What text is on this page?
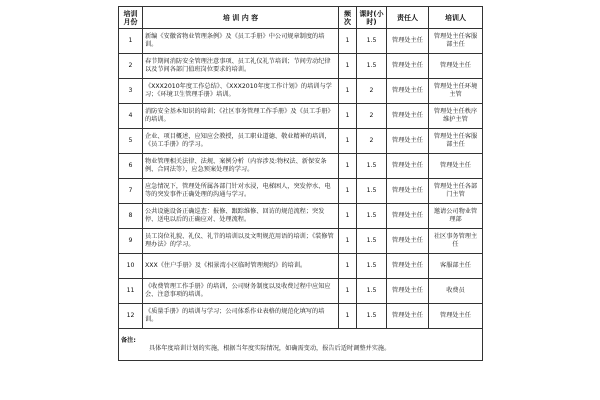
培训月份	培 训 内 容	频次	课时(小时)	责任人	培训人
1	新编《安徽省物业管理条例》及《员工手册》中公司规章制度的培训。	1	1.5	管理处主任	管理处主任客服部主任
2	春节期间消防安全管理注意事项、员工礼仪礼节培训；节间劳动纪律以及节间各部门值班岗位要求的培训。	1	1.5	管理处主任	管理处主任
3	《XXX2010年度工作总结》、《XXX2010年度工作计划》的培训与学习；《环境卫生管理手册》培训。	1	2	管理处主任	管理处主任环境主管
4	消防安全基本知识的培训；《社区事务管理工作手册》及《员工手册》的培训。	1	2	管理处主任	管理处主任秩序维护主管
5	企业、项目概述，应知应会教授，员工职业道德、敬业精神的培训，《员工手册》的学习。	1	2	管理处主任	管理处主任客服部主任
6	物业管理相关法律、法规、案例分析（内容涉及:物权法、新保安条例、合同法等），应急预案处理的学习。	1	1.5	管理处主任	管理处主任
7	应急情况下，管理处所属各部门针对水浸，电梯困人，突发停水、电等的突发事件正确处理的沟通与学习。	1	1.5	管理处主任	管理处主任各部门主管
8	公共设施设备正确巡查：报修、跟踪维修、回访的规范流程；突发停、送电以后的正确应对、处理流程。	1	1.5	管理处主任	邀请公司物业管理部
9	员工岗位礼貌、礼仪、礼节的培训以及文明规范用语的培训；《装修管理办法》的学习。	1	1.5	管理处主任	社区事务管理主任
10	XXX《住户手册》及《相景湾小区临时管理规约》的培训。	1	1.5	管理处主任	客服部主任
11	《收费管理工作手册》的培训，公司财务制度以及收费过程中应知应会、注意事项的培训。	1	1.5	管理处主任	收费员
12	《质量手册》的培训与学习；公司体系作业表格的规范化填写的培训。	1	1.5	管理处主任	管理处主任

备注:
具体年度培训计划的实施，根据当年度实际情况，如确需变动，报告后适时调整并实施。					
